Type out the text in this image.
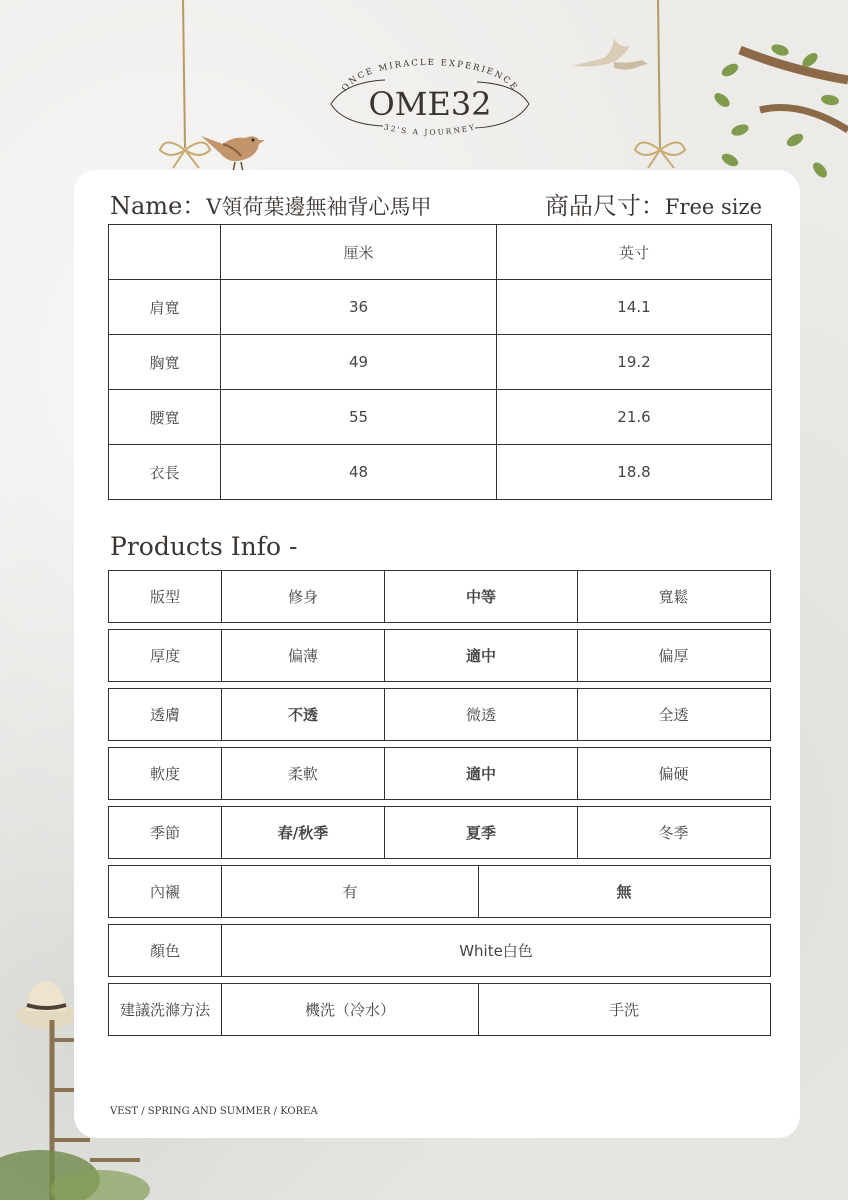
ONCE MIRACLE EXPERIENCE
OME32
32'S A JOURNEY
Name：V領荷葉邊無袖背心馬甲	商品尺寸：Free size
	厘米	英寸
肩寬	36	14.1
胸寬	49	19.2
腰寬	55	21.6
衣長	48	18.8
Products Info -
版型	修身	中等	寬鬆
厚度	偏薄	適中	偏厚
透膚	不透	微透	全透
軟度	柔軟	適中	偏硬
季節	春/秋季	夏季	冬季
內襯	有	無
顏色	White白色
建議洗滌方法	機洗（冷水）	手洗
VEST / SPRING AND SUMMER / KOREA
